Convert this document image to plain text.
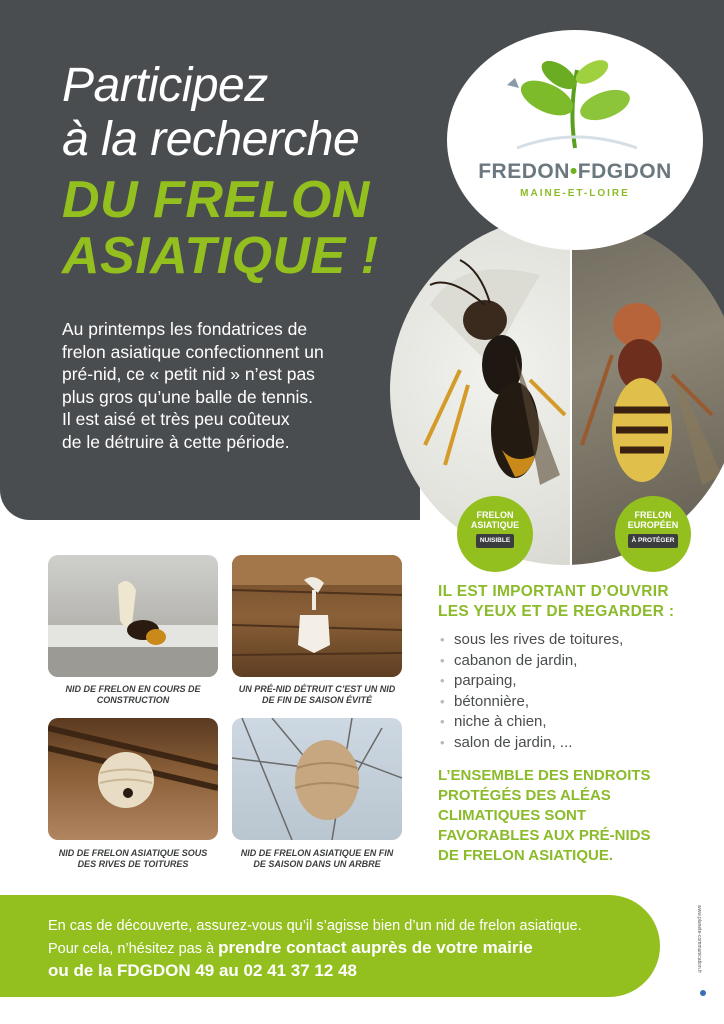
Participez
à la recherche
DU FRELON
ASIATIQUE !
Au printemps les fondatrices de
frelon asiatique confectionnent un
pré-nid, ce « petit nid » n’est pas
plus gros qu’une balle de tennis.
Il est aisé et très peu coûteux
de le détruire à cette période.
FREDON•FDGDON
MAINE-ET-LOIRE
FRELON
ASIATIQUE
NUISIBLE
FRELON
EUROPÉEN
À PROTÉGER
NID DE FRELON EN COURS DE
CONSTRUCTION
UN PRÉ-NID DÉTRUIT C’EST UN NID
DE FIN DE SAISON ÉVITÉ
NID DE FRELON ASIATIQUE SOUS
DES RIVES DE TOITURES
NID DE FRELON ASIATIQUE EN FIN
DE SAISON DANS UN ARBRE
IL EST IMPORTANT D’OUVRIR
LES YEUX ET DE REGARDER :
• sous les rives de toitures,
• cabanon de jardin,
• parpaing,
• bétonnière,
• niche à chien,
• salon de jardin, ...
L’ENSEMBLE DES ENDROITS
PROTÉGÉS DES ALÉAS
CLIMATIQUES SONT
FAVORABLES AUX PRÉ-NIDS
DE FRELON ASIATIQUE.
En cas de découverte, assurez-vous qu’il s’agisse bien d’un nid de frelon asiatique.
Pour cela, n’hésitez pas à prendre contact auprès de votre mairie
ou de la FDGDON 49 au 02 41 37 12 48	www.planete-communication.fr
